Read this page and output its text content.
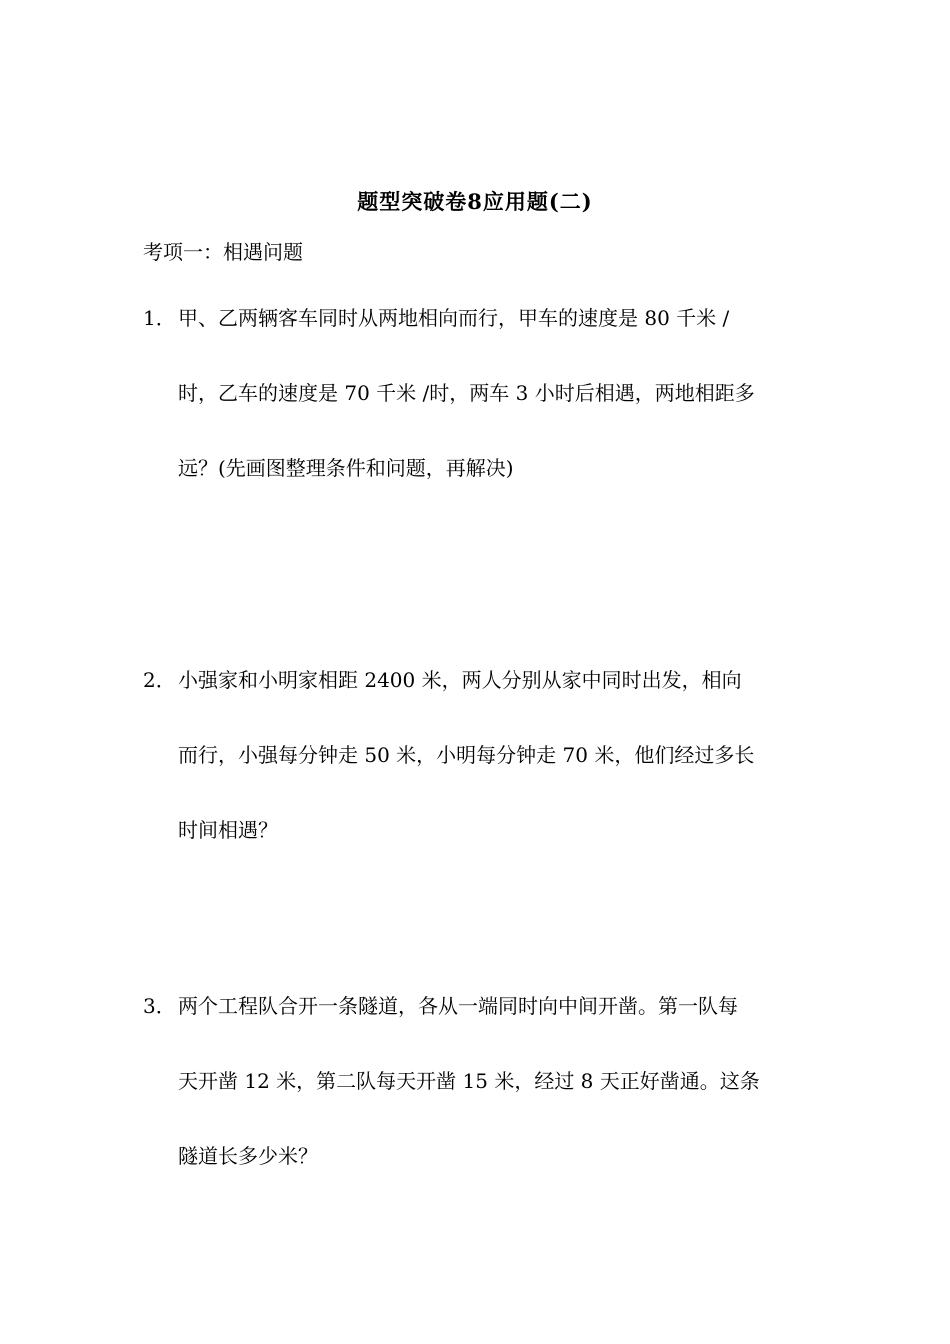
题型突破卷8应用题(二)
考项一：相遇问题
1． 甲、乙两辆客车同时从两地相向而行，甲车的速度是 80 千米 /
时，乙车的速度是 70 千米 /时，两车 3 小时后相遇，两地相距多
远？(先画图整理条件和问题，再解决)
2． 小强家和小明家相距 2400 米，两人分别从家中同时出发，相向
而行，小强每分钟走 50 米，小明每分钟走 70 米，他们经过多长
时间相遇？
3． 两个工程队合开一条隧道，各从一端同时向中间开凿。第一队每
天开凿 12 米，第二队每天开凿 15 米，经过 8 天正好凿通。这条
隧道长多少米？
